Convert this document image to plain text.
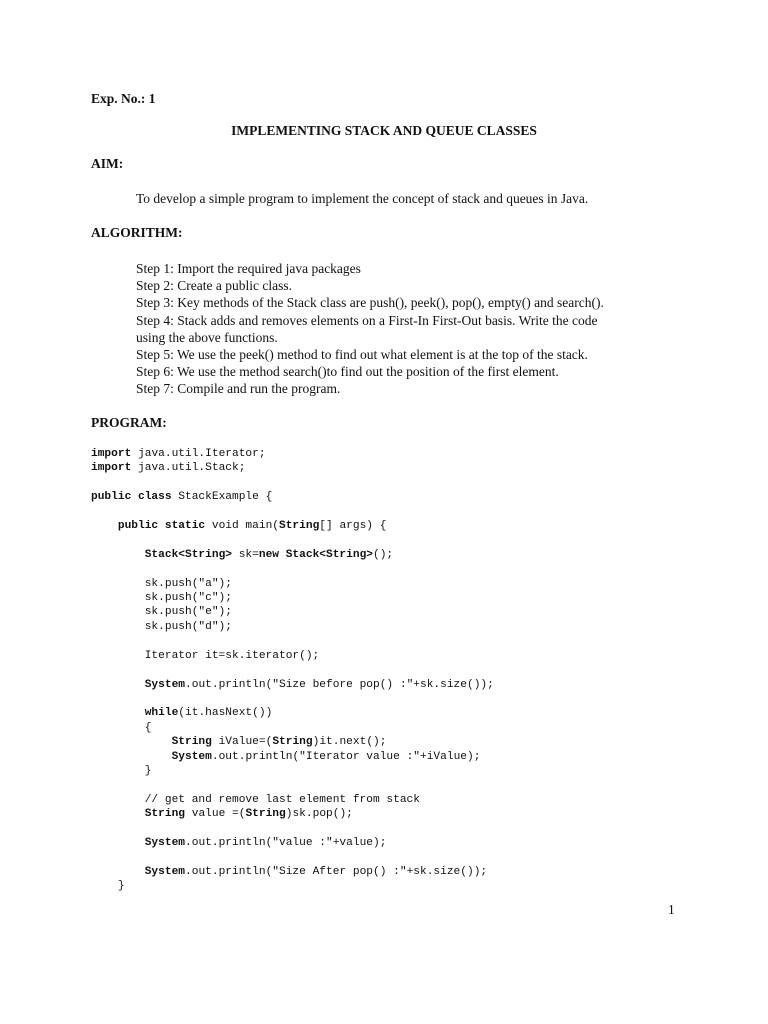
Exp. No.: 1
IMPLEMENTING STACK AND QUEUE CLASSES
AIM:
To develop a simple program to implement the concept of stack and queues in Java.
ALGORITHM:
Step 1: Import the required java packages
Step 2: Create a public class.
Step 3: Key methods of the Stack class are push(), peek(), pop(), empty() and search().
Step 4: Stack adds and removes elements on a First-In First-Out basis. Write the code
using the above functions.
Step 5: We use the peek() method to find out what element is at the top of the stack.
Step 6: We use the method search()to find out the position of the first element.
Step 7: Compile and run the program.
PROGRAM:
import java.util.Iterator;
import java.util.Stack;

public class StackExample {

public static void main(String[] args) {

Stack<String> sk=new Stack<String>();

sk.push("a");
sk.push("c");
sk.push("e");
sk.push("d");

Iterator it=sk.iterator();

System.out.println("Size before pop() :"+sk.size());

while(it.hasNext())
{
String iValue=(String)it.next();
System.out.println("Iterator value :"+iValue);
}

// get and remove last element from stack
String value =(String)sk.pop();

System.out.println("value :"+value);

System.out.println("Size After pop() :"+sk.size());
}
1
